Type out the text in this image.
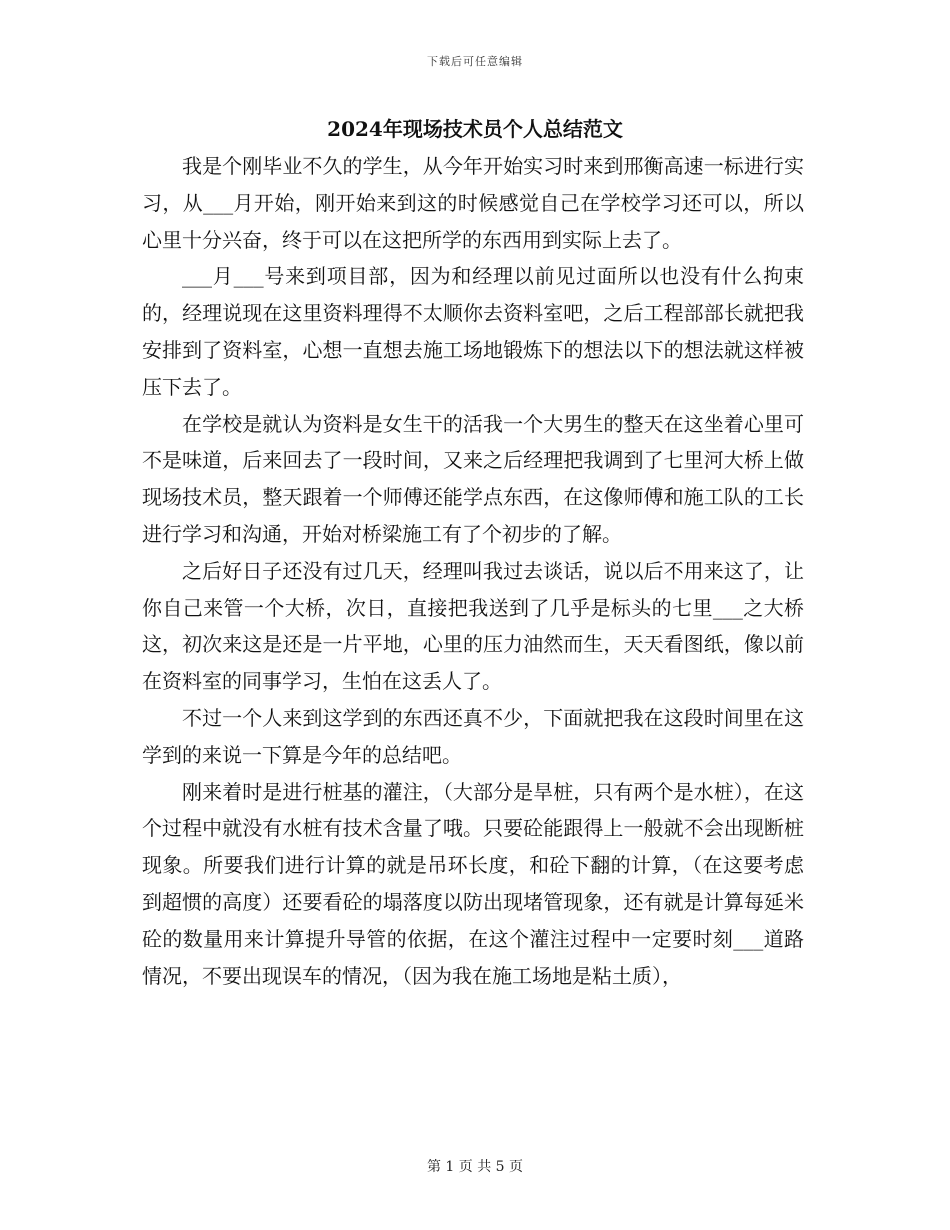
下载后可任意编辑
2024年现场技术员个人总结范文

我是个刚毕业不久的学生，从今年开始实习时来到邢衡高速一标进行实习，从___月开始，刚开始来到这的时候感觉自己在学校学习还可以，所以心里十分兴奋，终于可以在这把所学的东西用到实际上去了。

___月___号来到项目部，因为和经理以前见过面所以也没有什么拘束的，经理说现在这里资料理得不太顺你去资料室吧，之后工程部部长就把我安排到了资料室，心想一直想去施工场地锻炼下的想法以下的想法就这样被压下去了。

在学校是就认为资料是女生干的活我一个大男生的整天在这坐着心里可不是味道，后来回去了一段时间，又来之后经理把我调到了七里河大桥上做现场技术员，整天跟着一个师傅还能学点东西，在这像师傅和施工队的工长进行学习和沟通，开始对桥梁施工有了个初步的了解。

之后好日子还没有过几天，经理叫我过去谈话，说以后不用来这了，让你自己来管一个大桥，次日，直接把我送到了几乎是标头的七里___之大桥这，初次来这是还是一片平地，心里的压力油然而生，天天看图纸，像以前在资料室的同事学习，生怕在这丢人了。

不过一个人来到这学到的东西还真不少，下面就把我在这段时间里在这学到的来说一下算是今年的总结吧。

刚来着时是进行桩基的灌注，（大部分是旱桩，只有两个是水桩），在这个过程中就没有水桩有技术含量了哦。只要砼能跟得上一般就不会出现断桩现象。所要我们进行计算的就是吊环长度，和砼下翻的计算，（在这要考虑到超惯的高度）还要看砼的塌落度以防出现堵管现象，还有就是计算每延米砼的数量用来计算提升导管的依据，在这个灌注过程中一定要时刻___道路情况，不要出现误车的情况，（因为我在施工场地是粘土质），

第 1 页 共 5 页
